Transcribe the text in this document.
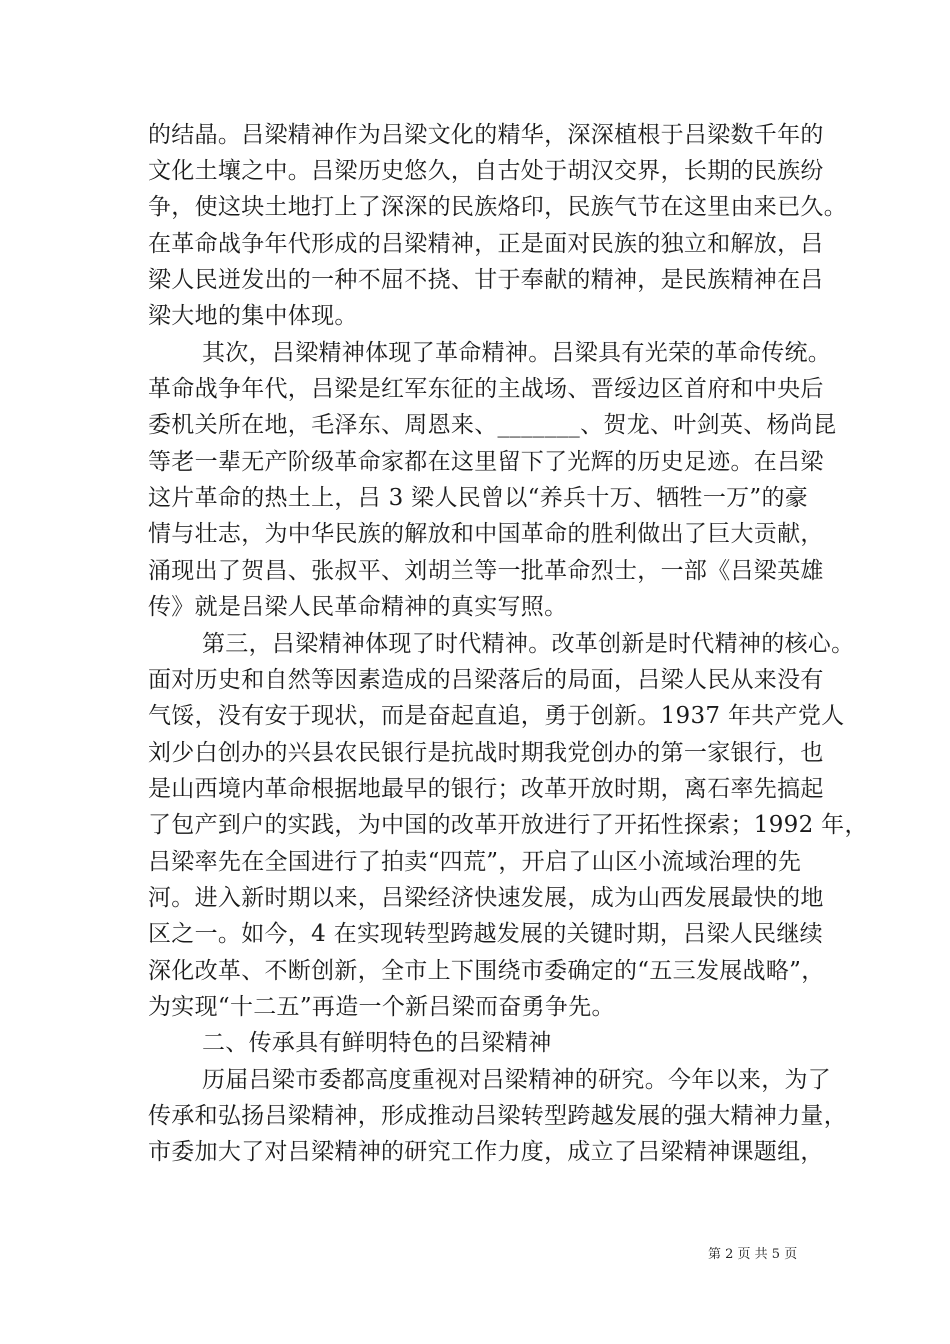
的结晶。吕梁精神作为吕梁文化的精华，深深植根于吕梁数千年的
文化土壤之中。吕梁历史悠久，自古处于胡汉交界，长期的民族纷
争，使这块土地打上了深深的民族烙印，民族气节在这里由来已久。
在革命战争年代形成的吕梁精神，正是面对民族的独立和解放，吕
梁人民迸发出的一种不屈不挠、甘于奉献的精神，是民族精神在吕
梁大地的集中体现。
其次，吕梁精神体现了革命精神。吕梁具有光荣的革命传统。
革命战争年代，吕梁是红军东征的主战场、晋绥边区首府和中央后
委机关所在地，毛泽东、周恩来、_______、贺龙、叶剑英、杨尚昆
等老一辈无产阶级革命家都在这里留下了光辉的历史足迹。在吕梁
这片革命的热土上，吕 3 梁人民曾以“养兵十万、牺牲一万”的豪
情与壮志，为中华民族的解放和中国革命的胜利做出了巨大贡献，
涌现出了贺昌、张叔平、刘胡兰等一批革命烈士，一部《吕梁英雄
传》就是吕梁人民革命精神的真实写照。
第三，吕梁精神体现了时代精神。改革创新是时代精神的核心。
面对历史和自然等因素造成的吕梁落后的局面，吕梁人民从来没有
气馁，没有安于现状，而是奋起直追，勇于创新。1937 年共产党人
刘少白创办的兴县农民银行是抗战时期我党创办的第一家银行，也
是山西境内革命根据地最早的银行；改革开放时期，离石率先搞起
了包产到户的实践，为中国的改革开放进行了开拓性探索；1992 年，
吕梁率先在全国进行了拍卖“四荒”，开启了山区小流域治理的先
河。进入新时期以来，吕梁经济快速发展，成为山西发展最快的地
区之一。如今，4 在实现转型跨越发展的关键时期，吕梁人民继续
深化改革、不断创新，全市上下围绕市委确定的“五三发展战略”，
为实现“十二五”再造一个新吕梁而奋勇争先。
二、传承具有鲜明特色的吕梁精神
历届吕梁市委都高度重视对吕梁精神的研究。今年以来，为了
传承和弘扬吕梁精神，形成推动吕梁转型跨越发展的强大精神力量，
市委加大了对吕梁精神的研究工作力度，成立了吕梁精神课题组，
第 2 页 共 5 页
